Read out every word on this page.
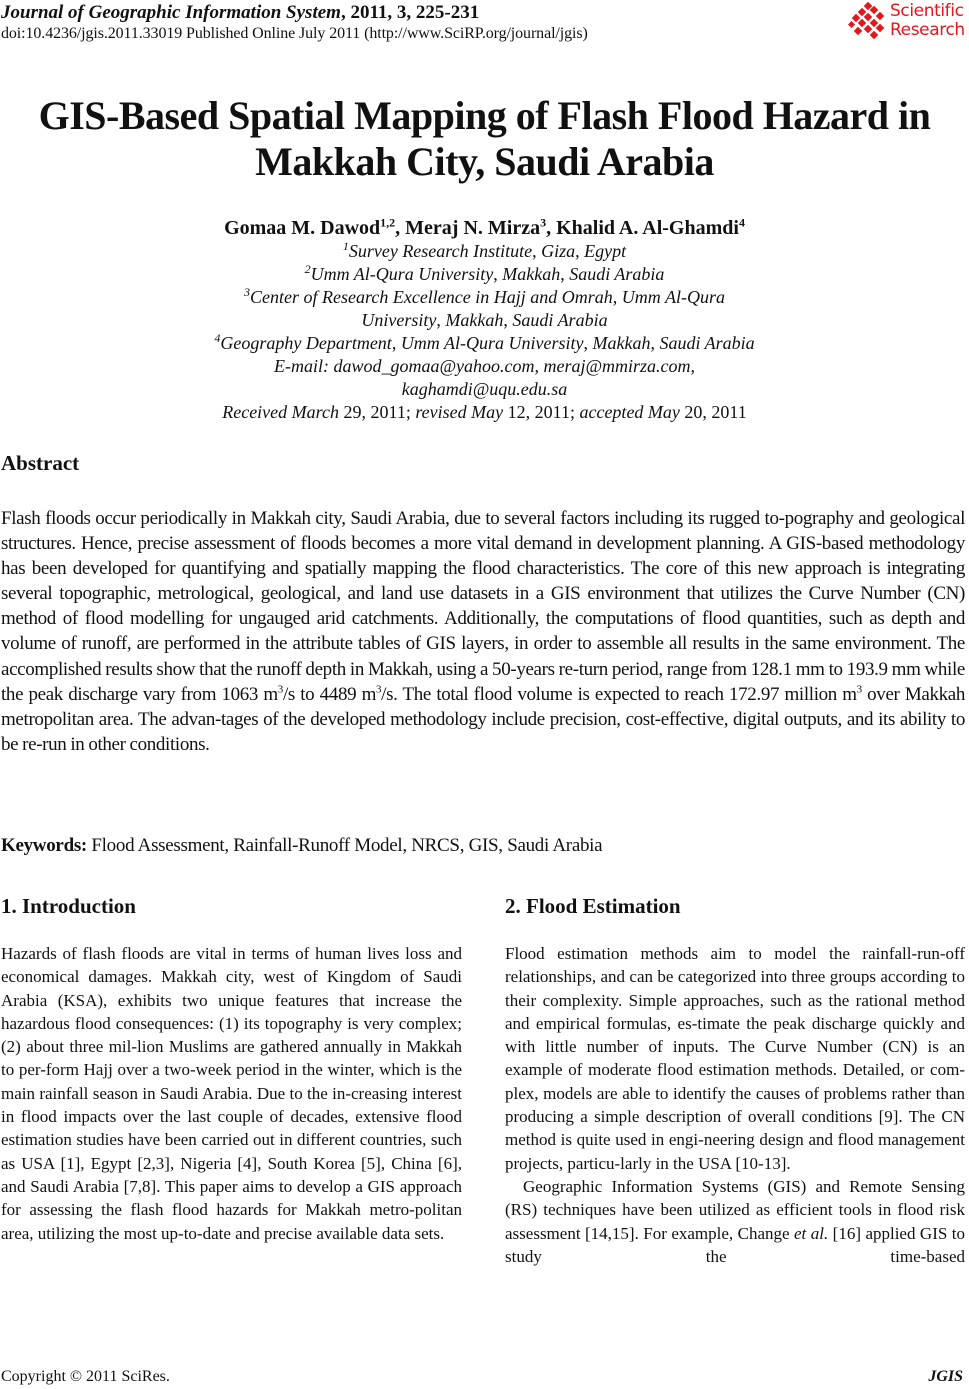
Journal of Geographic Information System, 2011, 3, 225-231
doi:10.4236/jgis.2011.33019 Published Online July 2011 (http://www.SciRP.org/journal/jgis)
Scientific
Research
GIS-Based Spatial Mapping of Flash Flood Hazard in
Makkah City, Saudi Arabia
Gomaa M. Dawod$^{1,2}$, Meraj N. Mirza$^3$, Khalid A. Al-Ghamdi$^4$
$^1$Survey Research Institute, Giza, Egypt
$^2$Umm Al-Qura University, Makkah, Saudi Arabia
$^3$Center of Research Excellence in Hajj and Omrah, Umm Al-Qura
University, Makkah, Saudi Arabia
$^4$Geography Department, Umm Al-Qura University, Makkah, Saudi Arabia
E-mail: dawod_gomaa@yahoo.com, meraj@mmirza.com,
kaghamdi@uqu.edu.sa
Received March 29, 2011; revised May 12, 2011; accepted May 20, 2011
Abstract
Flash floods occur periodically in Makkah city, Saudi Arabia, due to several factors including its rugged to-pography and geological structures. Hence, precise assessment of floods becomes a more vital demand in development planning. A GIS-based methodology has been developed for quantifying and spatially mapping the flood characteristics. The core of this new approach is integrating several topographic, metrological, geological, and land use datasets in a GIS environment that utilizes the Curve Number (CN) method of flood modelling for ungauged arid catchments. Additionally, the computations of flood quantities, such as depth and volume of runoff, are performed in the attribute tables of GIS layers, in order to assemble all results in the same environment. The accomplished results show that the runoff depth in Makkah, using a 50-years re-turn period, range from 128.1 mm to 193.9 mm while the peak discharge vary from 1063 $m^3/s$ to 4489 $m^3/s$. The total flood volume is expected to reach 172.97 million $m^3$ over Makkah metropolitan area. The advan-tages of the developed methodology include precision, cost-effective, digital outputs, and its ability to be re-run in other conditions.
Keywords: Flood Assessment, Rainfall-Runoff Model, NRCS, GIS, Saudi Arabia
1. Introduction	2. Flood Estimation

Hazards of flash floods are vital in terms of human lives loss and economical damages. Makkah city, west of Kingdom of Saudi Arabia (KSA), exhibits two unique features that increase the hazardous flood consequences: (1) its topography is very complex; (2) about three mil-lion Muslims are gathered annually in Makkah to per-form Hajj over a two-week period in the winter, which is the main rainfall season in Saudi Arabia. Due to the in-creasing interest in flood impacts over the last couple of decades, extensive flood estimation studies have been carried out in different countries, such as USA [1], Egypt [2,3], Nigeria [4], South Korea [5], China [6], and Saudi Arabia [7,8]. This paper aims to develop a GIS approach for assessing the flash flood hazards for Makkah metro-politan area, utilizing the most up-to-date and precise available data sets.

Flood estimation methods aim to model the rainfall-run-off relationships, and can be categorized into three groups according to their complexity. Simple approaches, such as the rational method and empirical formulas, es-timate the peak discharge quickly and with little number of inputs. The Curve Number (CN) is an example of moderate flood estimation methods. Detailed, or com-plex, models are able to identify the causes of problems rather than producing a simple description of overall conditions [9]. The CN method is quite used in engi-neering design and flood management projects, particu-larly in the USA [10-13].

Geographic Information Systems (GIS) and Remote Sensing (RS) techniques have been utilized as efficient tools in flood risk assessment [14,15]. For example, Change et al. [16] applied GIS to study the time-based

Copyright © 2011 SciRes.	JGIS
